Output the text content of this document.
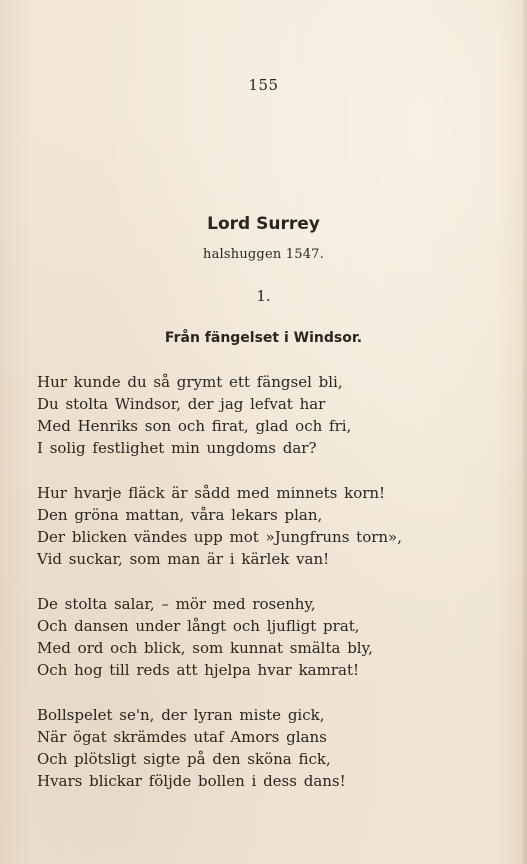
155
Lord Surrey
halshuggen 1547.
1.
Från fängelset i Windsor.
Hur kunde du så grymt ett fängsel bli,
Du stolta Windsor, der jag lefvat har
Med Henriks son och firat, glad och fri,
I solig festlighet min ungdoms dar?
Hur hvarje fläck är sådd med minnets korn!
Den gröna mattan, våra lekars plan,
Der blicken vändes upp mot »Jungfruns torn»,
Vid suckar, som man är i kärlek van!
De stolta salar, – mör med rosenhy,
Och dansen under långt och ljufligt prat,
Med ord och blick, som kunnat smälta bly,
Och hog till reds att hjelpa hvar kamrat!
Bollspelet se'n, der lyran miste gick,
När ögat skrämdes utaf Amors glans
Och plötsligt sigte på den sköna fick,
Hvars blickar följde bollen i dess dans!
